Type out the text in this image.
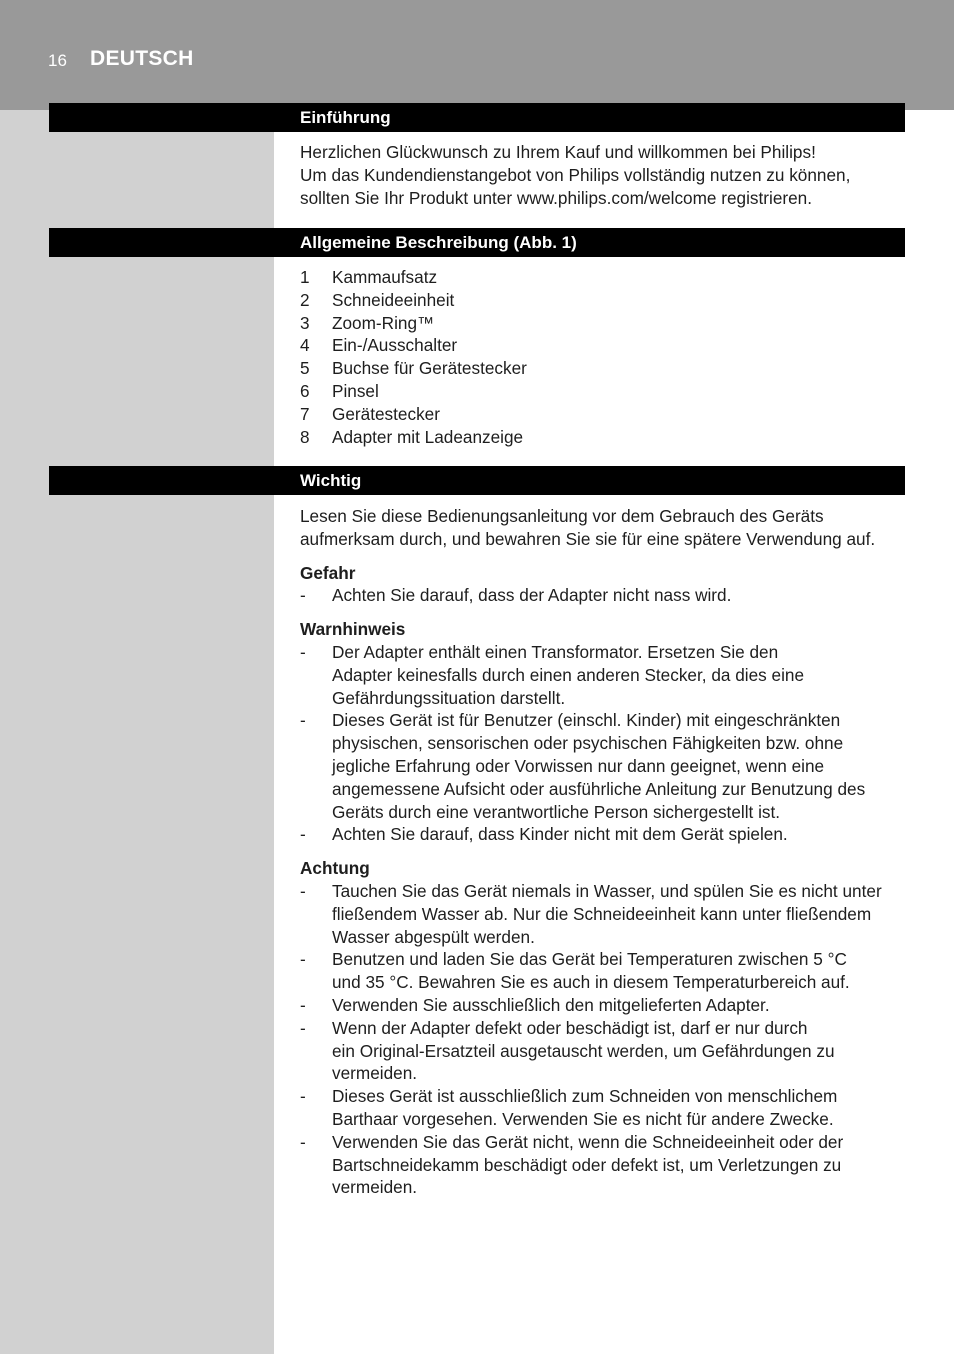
16 DEUTSCH
Einführung

Herzlichen Glückwunsch zu Ihrem Kauf und willkommen bei Philips!
Um das Kundendienstangebot von Philips vollständig nutzen zu können,
sollten Sie Ihr Produkt unter www.philips.com/welcome registrieren.

Allgemeine Beschreibung (Abb. 1)
1 Kammaufsatz
2 Schneideeinheit
3 Zoom-Ring™
4 Ein-/Ausschalter
5 Buchse für Gerätestecker
6 Pinsel
7 Gerätestecker
8 Adapter mit Ladeanzeige
Wichtig

Lesen Sie diese Bedienungsanleitung vor dem Gebrauch des Geräts
aufmerksam durch, und bewahren Sie sie für eine spätere Verwendung auf.

Gefahr

- Achten Sie darauf, dass der Adapter nicht nass wird.

Warnhinweis

- Der Adapter enthält einen Transformator. Ersetzen Sie den
Adapter keinesfalls durch einen anderen Stecker, da dies eine
Gefährdungssituation darstellt.
- Dieses Gerät ist für Benutzer (einschl. Kinder) mit eingeschränkten
physischen, sensorischen oder psychischen Fähigkeiten bzw. ohne
jegliche Erfahrung oder Vorwissen nur dann geeignet, wenn eine
angemessene Aufsicht oder ausführliche Anleitung zur Benutzung des
Geräts durch eine verantwortliche Person sichergestellt ist.
- Achten Sie darauf, dass Kinder nicht mit dem Gerät spielen.

Achtung

- Tauchen Sie das Gerät niemals in Wasser, und spülen Sie es nicht unter
fließendem Wasser ab. Nur die Schneideeinheit kann unter fließendem
Wasser abgespült werden.
- Benutzen und laden Sie das Gerät bei Temperaturen zwischen 5 °C
und 35 °C. Bewahren Sie es auch in diesem Temperaturbereich auf.
- Verwenden Sie ausschließlich den mitgelieferten Adapter.
- Wenn der Adapter defekt oder beschädigt ist, darf er nur durch
ein Original-Ersatzteil ausgetauscht werden, um Gefährdungen zu
vermeiden.
- Dieses Gerät ist ausschließlich zum Schneiden von menschlichem
Barthaar vorgesehen. Verwenden Sie es nicht für andere Zwecke.
- Verwenden Sie das Gerät nicht, wenn die Schneideeinheit oder der
Bartschneidekamm beschädigt oder defekt ist, um Verletzungen zu
vermeiden.
